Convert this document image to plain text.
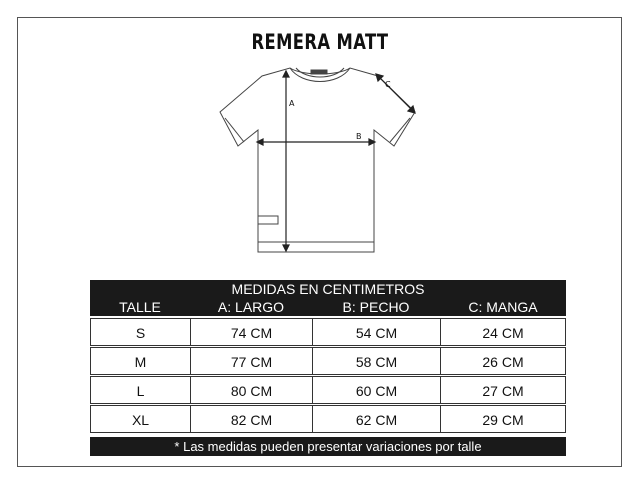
REMERA MATT
A
B
C
MEDIDAS EN CENTIMETROS
TALLE	A: LARGO	B: PECHO	C: MANGA
S	74 CM	54 CM	24 CM
M	77 CM	58 CM	26 CM
L	80 CM	60 CM	27 CM
XL	82 CM	62 CM	29 CM
* Las medidas pueden presentar variaciones por talle
